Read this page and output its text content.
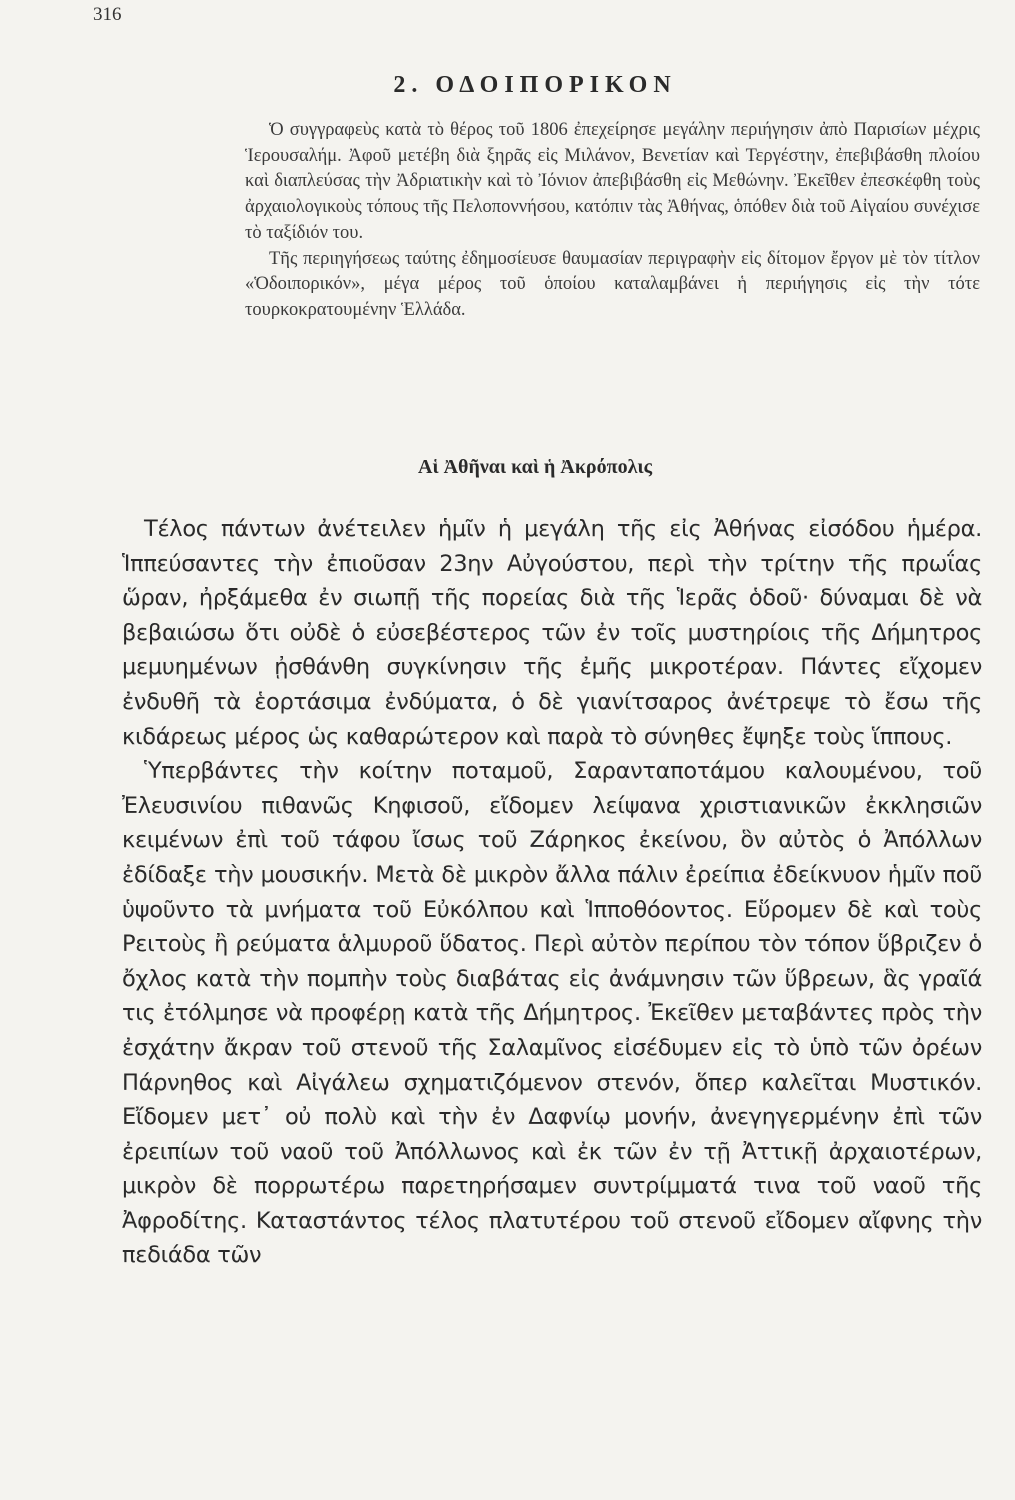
316
2. ΟΔΟΙΠΟΡΙΚΟΝ

Ὁ συγγραφεὺς κατὰ τὸ θέρος τοῦ 1806 ἐπεχείρησε μεγάλην περιήγησιν ἀπὸ Παρισίων μέχρις Ἱερουσαλήμ. Ἀφοῦ μετέβη διὰ ξηρᾶς εἰς Μιλάνον, Βενετίαν καὶ Τεργέστην, ἐπεβιβάσθη πλοίου καὶ διαπλεύσας τὴν Ἀδριατικὴν καὶ τὸ Ἰόνιον ἀπεβιβάσθη εἰς Μεθώνην. Ἐκεῖθεν ἐπεσκέφθη τοὺς ἀρχαιολογικοὺς τόπους τῆς Πελοποννήσου, κατόπιν τὰς Ἀθήνας, ὁπόθεν διὰ τοῦ Αἰγαίου συνέχισε τὸ ταξίδιόν του.

Τῆς περιηγήσεως ταύτης ἐδημοσίευσε θαυμασίαν περιγραφὴν εἰς δίτομον ἔργον μὲ τὸν τίτλον «Ὁδοιπορικόν», μέγα μέρος τοῦ ὁποίου καταλαμβάνει ἡ περιήγησις εἰς τὴν τότε τουρκοκρατουμένην Ἑλλάδα.

Αἱ Ἀθῆναι καὶ ἡ Ἀκρόπολις

Τέλος πάντων ἀνέτειλεν ἡμῖν ἡ μεγάλη τῆς εἰς Ἀθήνας εἰσόδου ἡμέρα. Ἱππεύσαντες τὴν ἐπιοῦσαν 23ην Αὐγούστου, περὶ τὴν τρίτην τῆς πρωΐας ὥραν, ἠρξάμεθα ἐν σιωπῇ τῆς πορείας διὰ τῆς Ἱερᾶς ὁδοῦ· δύναμαι δὲ νὰ βεβαιώσω ὅτι οὐδὲ ὁ εὐσεβέστερος τῶν ἐν τοῖς μυστηρίοις τῆς Δήμητρος μεμυημένων ᾐσθάνθη συγκίνησιν τῆς ἐμῆς μικροτέραν. Πάντες εἴχομεν ἐνδυθῆ τὰ ἑορτάσιμα ἐνδύματα, ὁ δὲ γιανίτσαρος ἀνέτρεψε τὸ ἔσω τῆς κιδάρεως μέρος ὡς καθαρώτερον καὶ παρὰ τὸ σύνηθες ἔψηξε τοὺς ἵππους.

Ὑπερβάντες τὴν κοίτην ποταμοῦ, Σαρανταποτάμου καλουμένου, τοῦ Ἐλευσινίου πιθανῶς Κηφισοῦ, εἴδομεν λείψανα χριστιανικῶν ἐκκλησιῶν κειμένων ἐπὶ τοῦ τάφου ἴσως τοῦ Ζάρηκος ἐκείνου, ὃν αὐτὸς ὁ Ἀπόλλων ἐδίδαξε τὴν μουσικήν. Μετὰ δὲ μικρὸν ἄλλα πάλιν ἐρείπια ἐδείκνυον ἡμῖν ποῦ ὑψοῦντο τὰ μνήματα τοῦ Εὐκόλπου καὶ Ἱπποθόοντος. Εὕρομεν δὲ καὶ τοὺς Ρειτοὺς ἢ ρεύματα ἁλμυροῦ ὕδατος. Περὶ αὐτὸν περίπου τὸν τόπον ὕβριζεν ὁ ὄχλος κατὰ τὴν πομπὴν τοὺς διαβάτας εἰς ἀνάμνησιν τῶν ὕβρεων, ἃς γραῖά τις ἐτόλμησε νὰ προφέρῃ κατὰ τῆς Δήμητρος. Ἐκεῖθεν μεταβάντες πρὸς τὴν ἐσχάτην ἄκραν τοῦ στενοῦ τῆς Σαλαμῖνος εἰσέδυμεν εἰς τὸ ὑπὸ τῶν ὀρέων Πάρνηθος καὶ Αἰγάλεω σχηματιζόμενον στενόν, ὅπερ καλεῖται Μυστικόν. Εἴδομεν μετ᾽ οὐ πολὺ καὶ τὴν ἐν Δαφνίῳ μονήν, ἀνεγηγερμένην ἐπὶ τῶν ἐρειπίων τοῦ ναοῦ τοῦ Ἀπόλλωνος καὶ ἐκ τῶν ἐν τῇ Ἀττικῇ ἀρχαιοτέρων, μικρὸν δὲ πορρωτέρω παρετηρήσαμεν συντρίμματά τινα τοῦ ναοῦ τῆς Ἀφροδίτης. Καταστάντος τέλος πλατυτέρου τοῦ στενοῦ εἴδομεν αἴφνης τὴν πεδιάδα τῶν
